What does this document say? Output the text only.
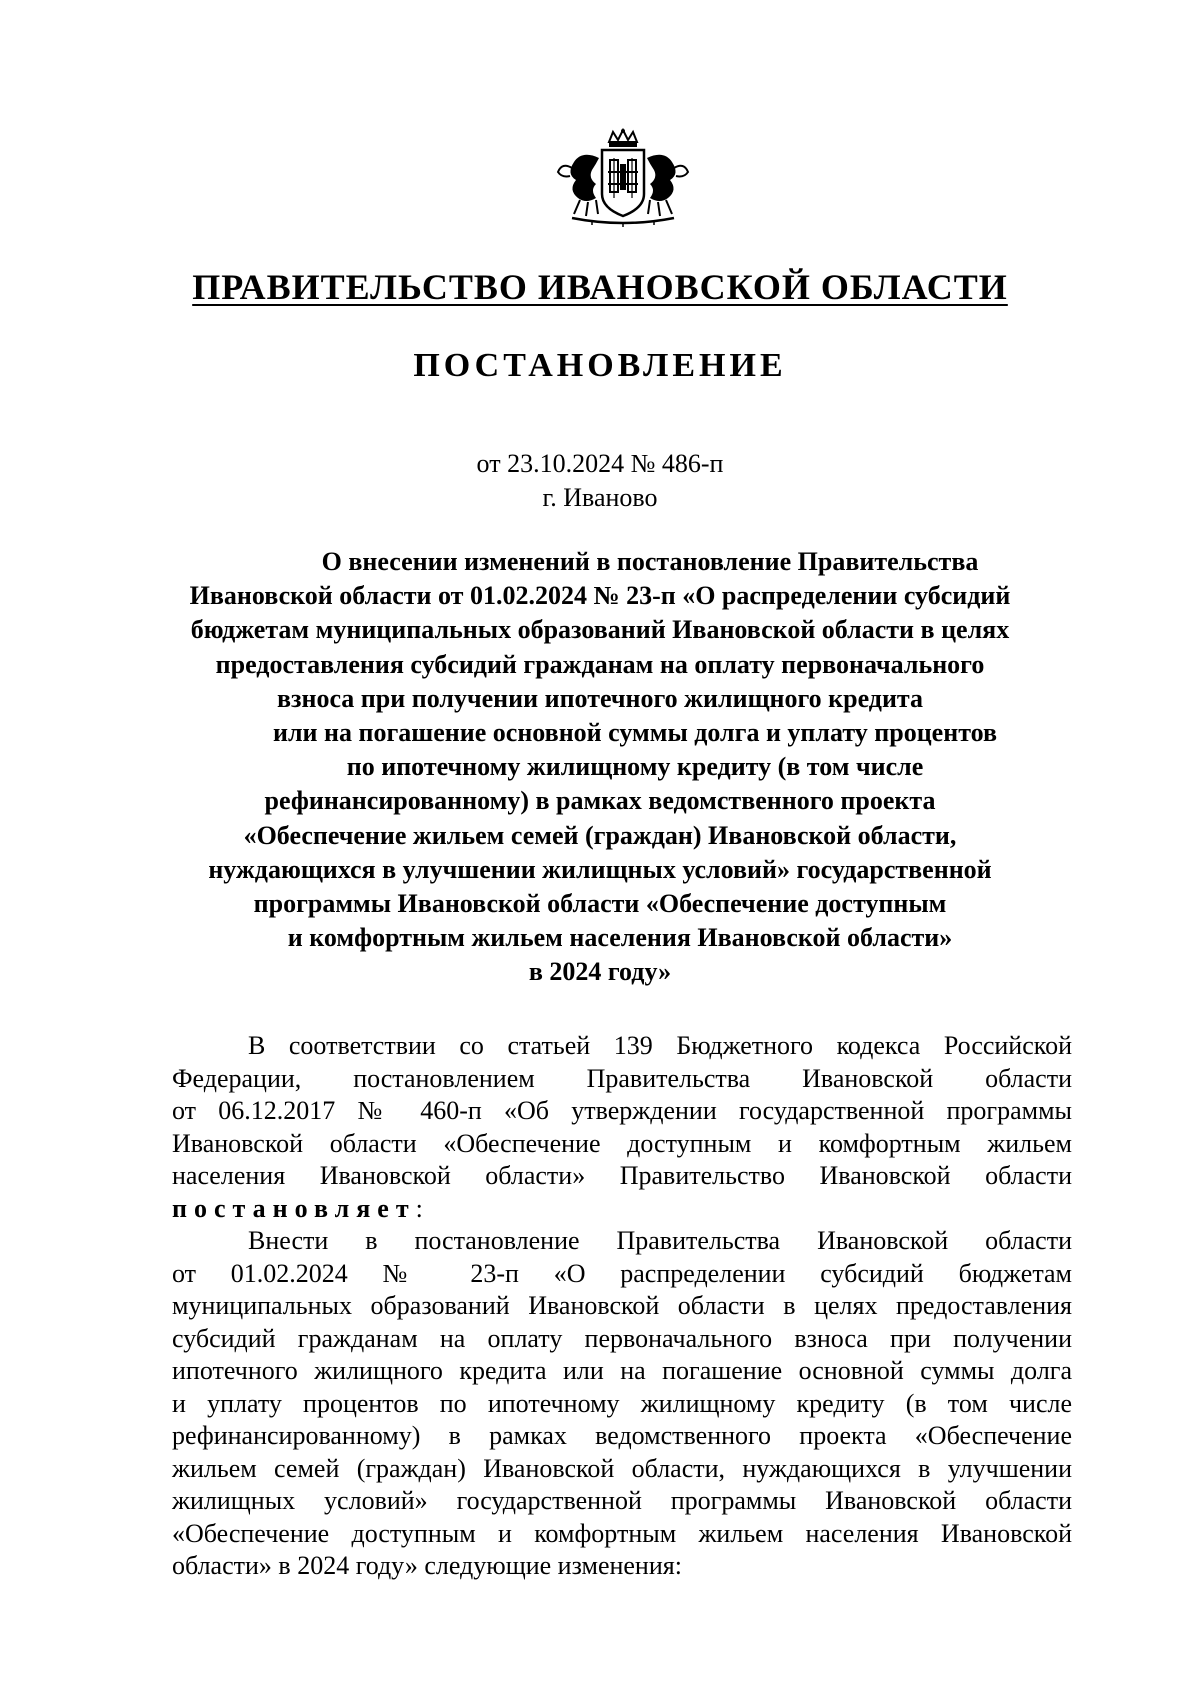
ПРАВИТЕЛЬСТВО ИВАНОВСКОЙ ОБЛАСТИ
ПОСТАНОВЛЕНИЕ
от 23.10.2024 № 486-п
г. Иваново
О внесении изменений в постановление Правительства
Ивановской области от 01.02.2024 № 23-п «О распределении субсидий
бюджетам муниципальных образований Ивановской области в целях
предоставления субсидий гражданам на оплату первоначального
взноса при получении ипотечного жилищного кредита
или на погашение основной суммы долга и уплату процентов
по ипотечному жилищному кредиту (в том числе
рефинансированному) в рамках ведомственного проекта
«Обеспечение жильем семей (граждан) Ивановской области,
нуждающихся в улучшении жилищных условий» государственной
программы Ивановской области «Обеспечение доступным
и комфортным жильем населения Ивановской области»
в 2024 году»
В соответствии со статьей 139 Бюджетного кодекса Российской
Федерации, постановлением Правительства Ивановской области
от 06.12.2017 № 460-п «Об утверждении государственной программы
Ивановской области «Обеспечение доступным и комфортным жильем
населения Ивановской области» Правительство Ивановской области
постановляет:
Внести в постановление Правительства Ивановской области
от 01.02.2024 № 23-п «О распределении субсидий бюджетам
муниципальных образований Ивановской области в целях предоставления
субсидий гражданам на оплату первоначального взноса при получении
ипотечного жилищного кредита или на погашение основной суммы долга
и уплату процентов по ипотечному жилищному кредиту (в том числе
рефинансированному) в рамках ведомственного проекта «Обеспечение
жильем семей (граждан) Ивановской области, нуждающихся в улучшении
жилищных условий» государственной программы Ивановской области
«Обеспечение доступным и комфортным жильем населения Ивановской
области» в 2024 году» следующие изменения:
